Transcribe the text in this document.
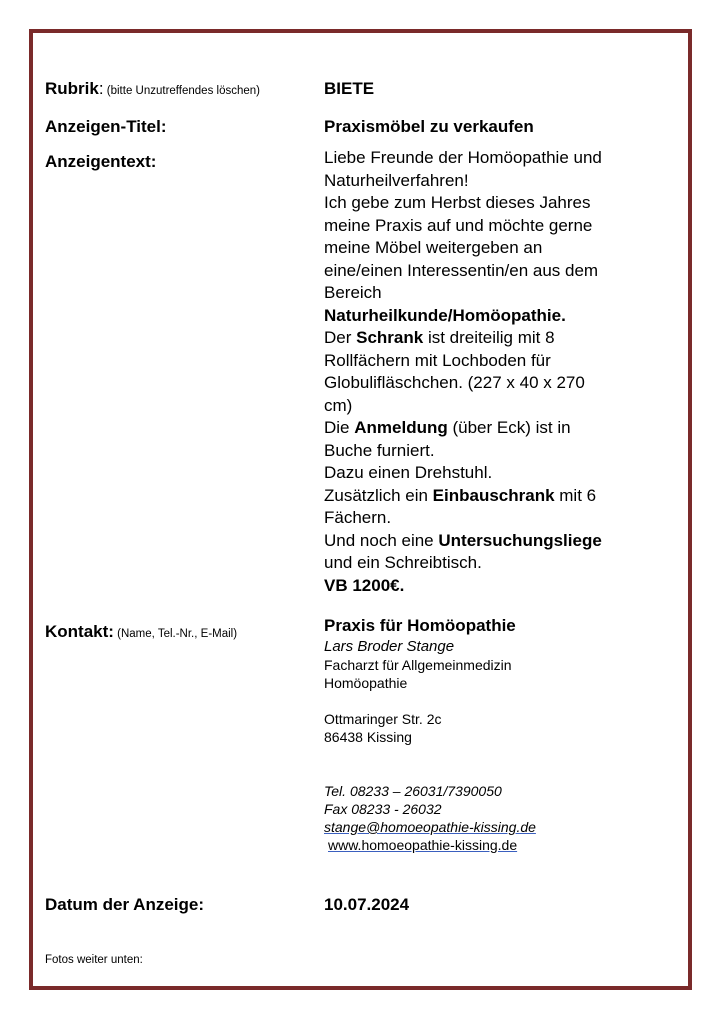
Rubrik: (bitte Unzutreffendes löschen)	BIETE
Anzeigen-Titel:	Praxismöbel zu verkaufen
Anzeigentext:	Liebe Freunde der Homöopathie und
Naturheilverfahren!
Ich gebe zum Herbst dieses Jahres
meine Praxis auf und möchte gerne
meine Möbel weitergeben an
eine/einen Interessentin/en aus dem
Bereich
Naturheilkunde/Homöopathie.
Der Schrank ist dreiteilig mit 8
Rollfächern mit Lochboden für
Globulifläschchen. (227 x 40 x 270
cm)
Die Anmeldung (über Eck) ist in
Buche furniert.
Dazu einen Drehstuhl.
Zusätzlich ein Einbauschrank mit 6
Fächern.
Und noch eine Untersuchungsliege
und ein Schreibtisch.
VB 1200€.
Kontakt: (Name, Tel.-Nr., E-Mail)	Praxis für Homöopathie
Lars Broder Stange
Facharzt für Allgemeinmedizin
Homöopathie
Ottmaringer Str. 2c
86438 Kissing
Tel. 08233 – 26031/7390050
Fax 08233 - 26032
stange@homoeopathie-kissing.de
www.homoeopathie-kissing.de
Datum der Anzeige:	10.07.2024
Fotos weiter unten:
